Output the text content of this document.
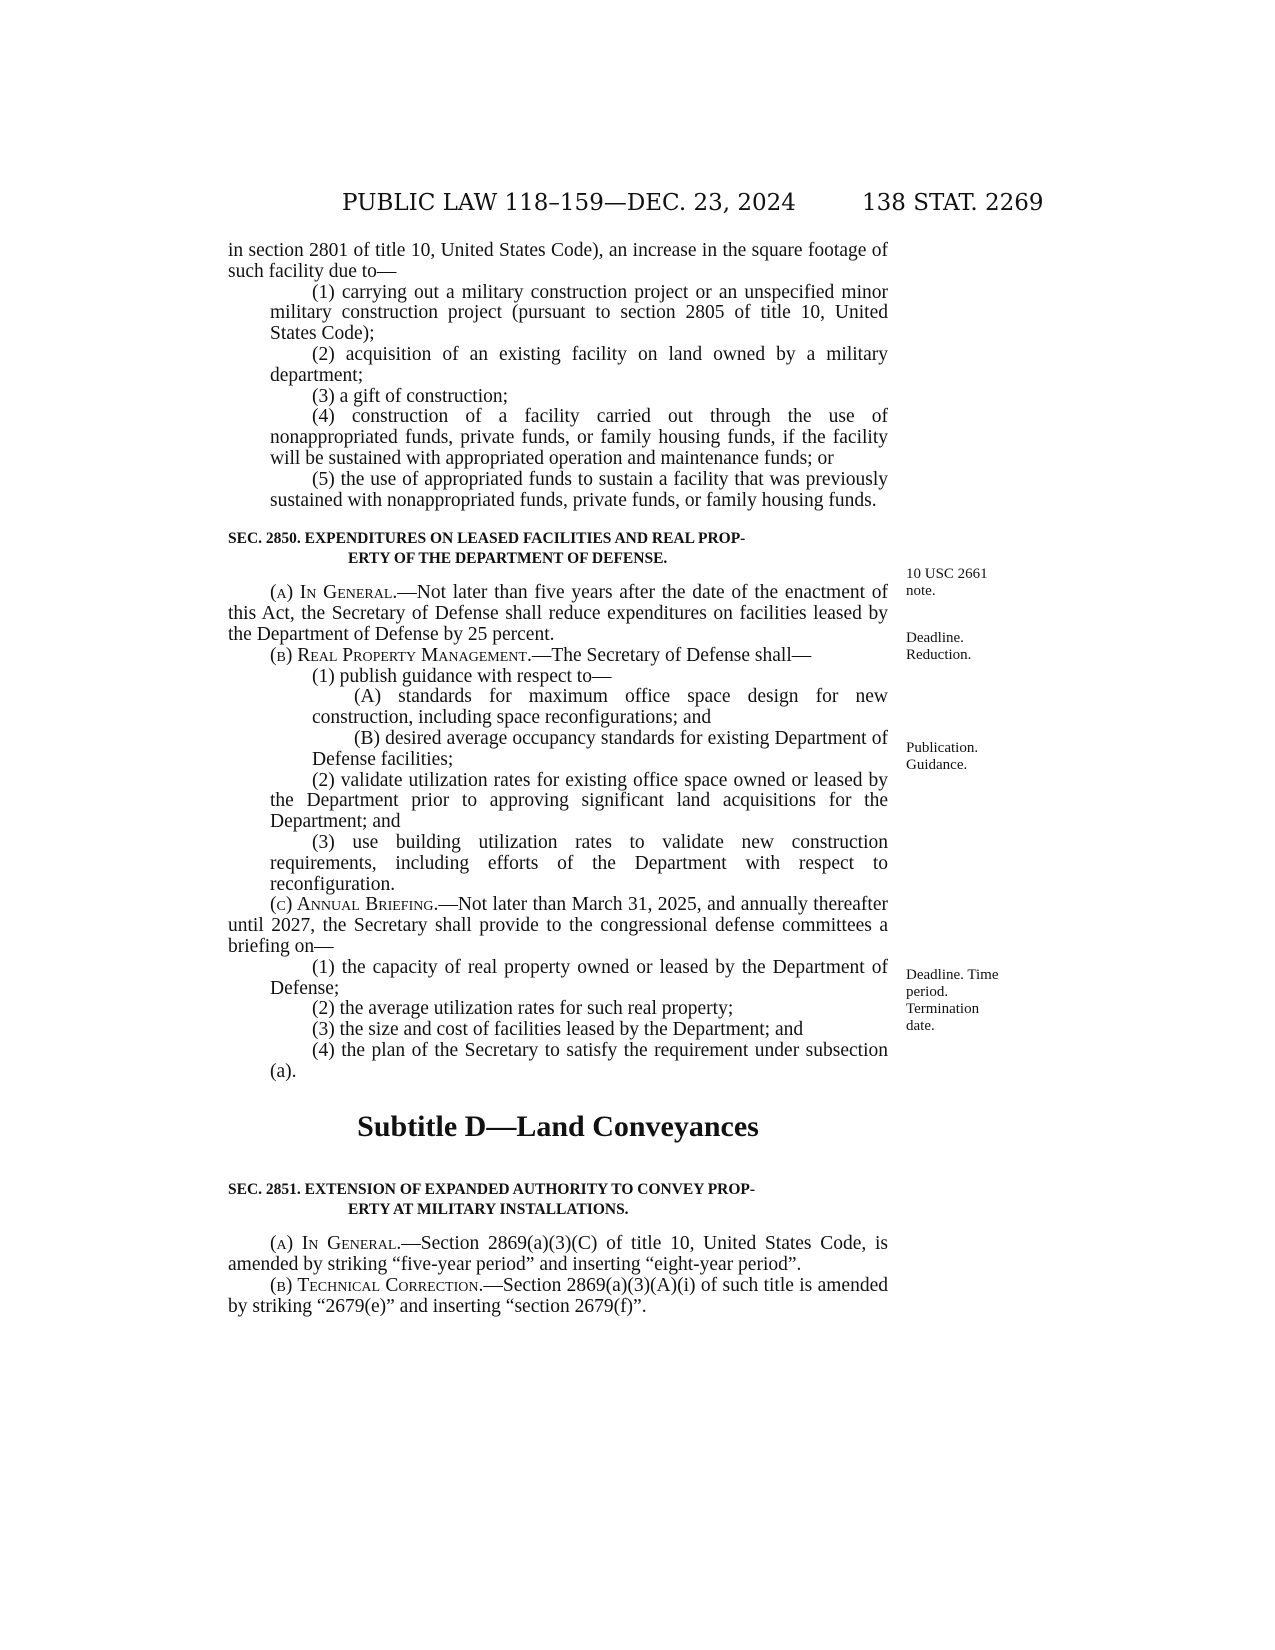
PUBLIC LAW 118–159—DEC. 23, 2024	138 STAT. 2269

in section 2801 of title 10, United States Code), an increase in the square footage of such facility due to—

(1) carrying out a military construction project or an unspecified minor military construction project (pursuant to section 2805 of title 10, United States Code);

(2) acquisition of an existing facility on land owned by a military department;

(3) a gift of construction;

(4) construction of a facility carried out through the use of nonappropriated funds, private funds, or family housing funds, if the facility will be sustained with appropriated operation and maintenance funds; or

(5) the use of appropriated funds to sustain a facility that was previously sustained with nonappropriated funds, private funds, or family housing funds.

SEC. 2850. EXPENDITURES ON LEASED FACILITIES AND REAL PROP-
ERTY OF THE DEPARTMENT OF DEFENSE.

(a) In General.—Not later than five years after the date of the enactment of this Act, the Secretary of Defense shall reduce expenditures on facilities leased by the Department of Defense by 25 percent.

(b) Real Property Management.—The Secretary of Defense shall—

(1) publish guidance with respect to—

(A) standards for maximum office space design for new construction, including space reconfigurations; and

(B) desired average occupancy standards for existing Department of Defense facilities;

(2) validate utilization rates for existing office space owned or leased by the Department prior to approving significant land acquisitions for the Department; and

(3) use building utilization rates to validate new construction requirements, including efforts of the Department with respect to reconfiguration.

(c) Annual Briefing.—Not later than March 31, 2025, and annually thereafter until 2027, the Secretary shall provide to the congressional defense committees a briefing on—

(1) the capacity of real property owned or leased by the Department of Defense;

(2) the average utilization rates for such real property;

(3) the size and cost of facilities leased by the Department; and

(4) the plan of the Secretary to satisfy the requirement under subsection (a).

Subtitle D—Land Conveyances
SEC. 2851. EXTENSION OF EXPANDED AUTHORITY TO CONVEY PROP-
ERTY AT MILITARY INSTALLATIONS.

(a) In General.—Section 2869(a)(3)(C) of title 10, United States Code, is amended by striking “five-year period” and inserting “eight-year period”.

(b) Technical Correction.—Section 2869(a)(3)(A)(i) of such title is amended by striking “2679(e)” and inserting “section 2679(f)”.

10 USC 2661 note.
Deadline. Reduction.
Publication. Guidance.
Deadline. Time period. Termination date.
